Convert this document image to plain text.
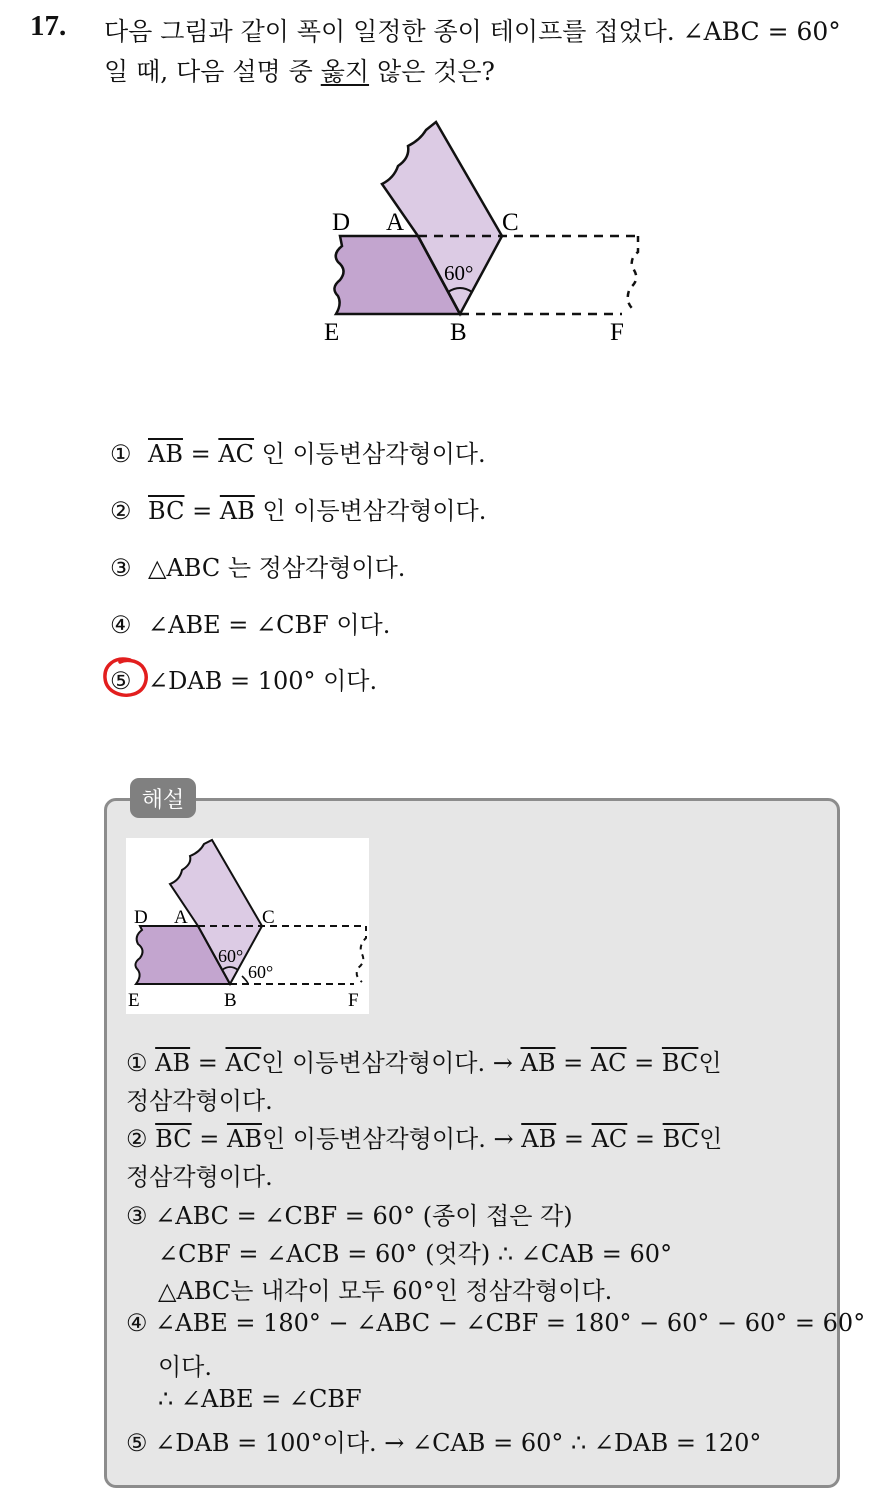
17. 다음 그림과 같이 폭이 일정한 종이 테이프를 접었다. ∠ABC = 60°
일 때, 다음 설명 중 옳지 않은 것은?
60°
D A	C
E	B	F
① $\overline{AB} = \overline{AC}$ 인 이등변삼각형이다.
② $\overline{BC} = \overline{AB}$ 인 이등변삼각형이다.
③ △ABC 는 정삼각형이다.
④ ∠ABE = ∠CBF 이다.
⑤ ∠DAB = 100° 이다.
해설
60°
60°
D A	C
E	B	F
① $\overline{AB} = \overline{AC}$인 이등변삼각형이다. → $\overline{AB} = \overline{AC} = \overline{BC}$인
정삼각형이다.
② $\overline{BC} = \overline{AB}$인 이등변삼각형이다. → $\overline{AB} = \overline{AC} = \overline{BC}$인
정삼각형이다.
③ ∠ABC = ∠CBF = 60° (종이 접은 각)
∠CBF = ∠ACB = 60° (엇각) ∴ ∠CAB = 60°
△ABC는 내각이 모두 60°인 정삼각형이다.
④ ∠ABE = 180° − ∠ABC − ∠CBF = 180° − 60° − 60° = 60°
이다.
∴ ∠ABE = ∠CBF
⑤ ∠DAB = 100°이다. → ∠CAB = 60° ∴ ∠DAB = 120°
